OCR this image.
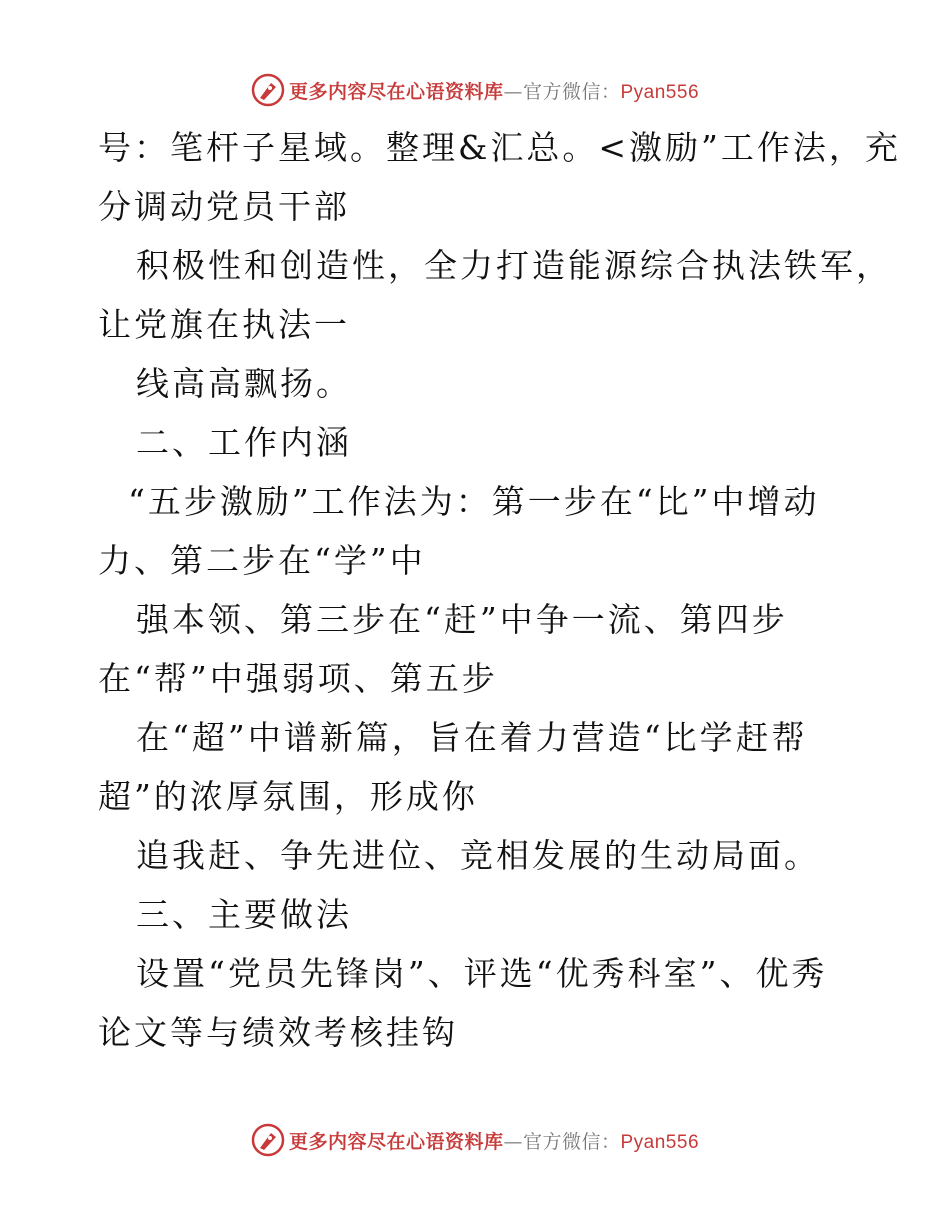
更多内容尽在心语资料库—官方微信：Pyan556
号：笔杆子星域。整理&汇总。<激励”工作法，充
分调动党员干部
积极性和创造性，全力打造能源综合执法铁军，
让党旗在执法一
线高高飘扬。
二、工作内涵
“五步激励”工作法为：第一步在“比”中增动
力、第二步在“学”中
强本领、第三步在“赶”中争一流、第四步
在“帮”中强弱项、第五步
在“超”中谱新篇，旨在着力营造“比学赶帮
超”的浓厚氛围，形成你
追我赶、争先进位、竞相发展的生动局面。
三、主要做法
设置“党员先锋岗”、评选“优秀科室”、优秀
论文等与绩效考核挂钩
更多内容尽在心语资料库—官方微信：Pyan556
